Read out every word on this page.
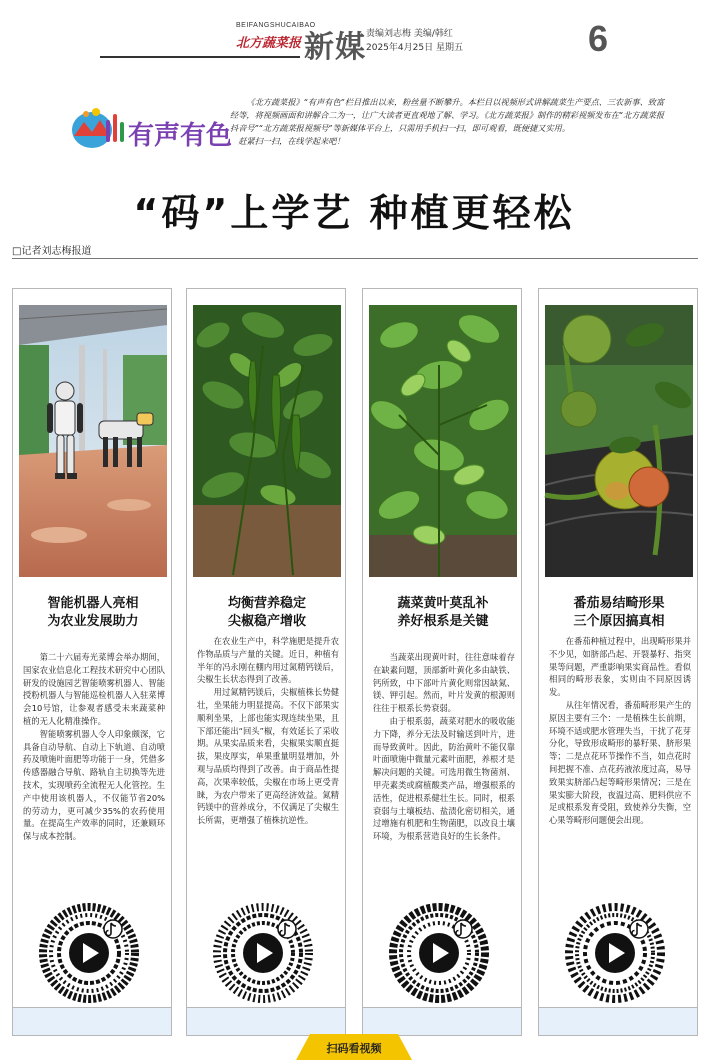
BEIFANGSHUCAIBAO
北方蔬菜报 新媒 责编刘志梅 美编/韩红
2025年4月25日 星期五	6
有声有色
《北方蔬菜报》“有声有色”栏目推出以来，粉丝量不断攀升。本栏目以视频形式讲解蔬菜生产要点、三农新事、致富经等，将视频画面和讲解合二为一，让广大读者更直观地了解、学习。《北方蔬菜报》制作的精彩视频发布在“北方蔬菜报抖音号”“北方蔬菜报视频号”等新媒体平台上，只需用手机扫一扫，即可观看，既便捷又实用。
赶紧扫一扫，在线学起来吧！
“码”上学艺 种植更轻松
□记者刘志梅报道
智能机器人亮相
为农业发展助力

第二十六届寿光菜博会举办期间，国家农业信息化工程技术研究中心团队研发的设施园艺智能喷雾机器人、智能授粉机器人与智能巡检机器人入驻菜博会10号馆，让参观者感受未来蔬菜种植的无人化精准操作。

智能喷雾机器人令人印象颇深，它具备自动导航、自动上下轨道、自动喷药及喷施叶面肥等功能于一身，凭借多传感器融合导航、路轨自主切换等先进技术，实现喷药全流程无人化管控。生产中使用该机器人，不仅能节省20%的劳动力，更可减少35%的农药使用量。在提高生产效率的同时，还兼顾环保与成本控制。

均衡营养稳定
尖椒稳产增收

在农业生产中，科学施肥是提升农作物品质与产量的关键。近日，种植有半年的冯永刚在棚内用过氮精钙镁后，尖椒生长状态得到了改善。

用过氮精钙镁后，尖椒植株长势健壮，坐果能力明显提高。不仅下部果实顺利坐果，上部也能实现连续坐果，且下部还能出“回头”椒，有效延长了采收期。从果实品质来看，尖椒果实顺直挺拔，果皮厚实，单果重量明显增加，外观与品质均得到了改善。由于商品性提高，次果率较低，尖椒在市场上更受青睐，为农户带来了更高经济效益。氮精钙镁中的营养成分，不仅满足了尖椒生长所需，更增强了植株抗逆性。

蔬菜黄叶莫乱补
养好根系是关键

当蔬菜出现黄叶时，往往意味着存在缺素问题，顶部新叶黄化多由缺铁、钙所致，中下部叶片黄化则常因缺氮、镁、钾引起。然而，叶片发黄的根源则往往于根系长势衰弱。

由于根系弱，蔬菜对肥水的吸收能力下降，养分无法及时输送到叶片，进而导致黄叶。因此，防治黄叶不能仅靠叶面喷施中微量元素叶面肥，养根才是解决问题的关键。可选用微生物菌剂、甲壳素类或腐植酸类产品，增强根系的活性，促进根系健壮生长。同时，根系衰弱与土壤板结、盐渍化密切相关，通过增施有机肥和生物菌肥，以改良土壤环境，为根系营造良好的生长条件。

番茄易结畸形果
三个原因搞真相

在番茄种植过程中，出现畸形果并不少见，如脐部凸起、开裂暴籽、指突果等问题，严重影响果实商品性。看似相同的畸形表象，实则由不同原因诱发。

从往年情况看，番茄畸形果产生的原因主要有三个：一是植株生长前期，环境不适或肥水管理失当，干扰了花芽分化，导致形成畸形的暴籽果、脐形果等；二是点花环节操作不当，如点花时间把握不准、点花药液浓度过高，易导致果实脐部凸起等畸形果情况；三是在果实膨大阶段，夜温过高、肥料供应不足或根系发育受阻，致使养分失衡，空心果等畸形问题便会出现。

扫码看视频
